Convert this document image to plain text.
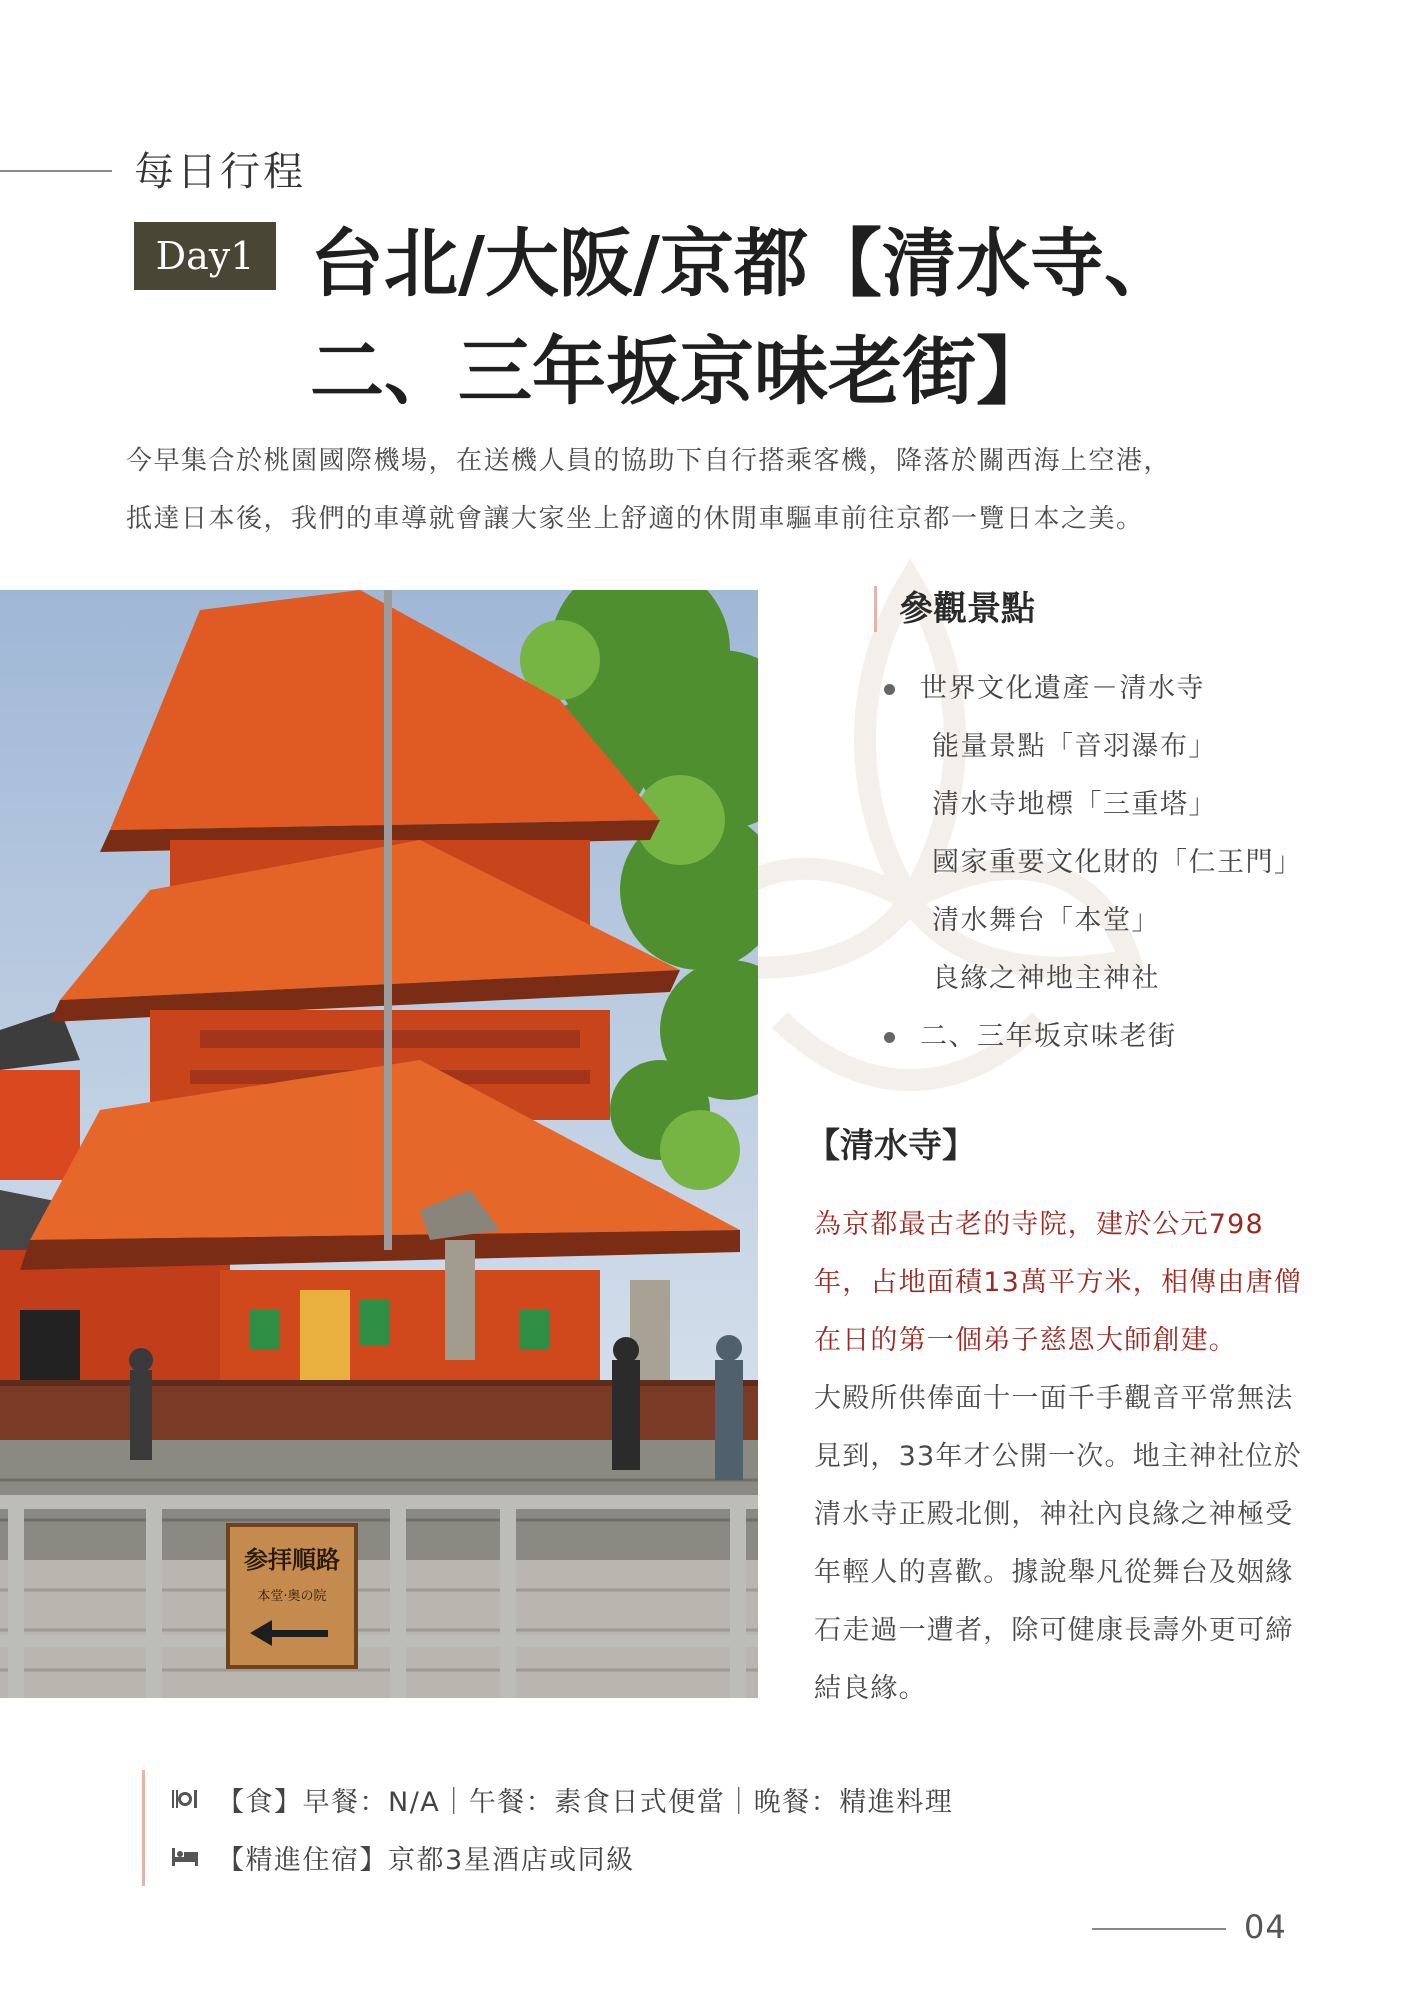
每日行程
Day1 台北/大阪/京都【清水寺、
二、三年坂京味老街】

今早集合於桃園國際機場，在送機人員的協助下自行搭乘客機，降落於關西海上空港，

抵達日本後，我們的車導就會讓大家坐上舒適的休閒車驅車前往京都一覽日本之美。

参拝順路
本堂·奥の院
參觀景點
世界文化遺產－清水寺
能量景點「音羽瀑布」
清水寺地標「三重塔」
國家重要文化財的「仁王門」
清水舞台「本堂」
良緣之神地主神社
二、三年坂京味老街
【清水寺】
為京都最古老的寺院，建於公元798
年，占地面積13萬平方米，相傳由唐僧
在日的第一個弟子慈恩大師創建。
大殿所供俸面十一面千手觀音平常無法
見到，33年才公開一次。地主神社位於
清水寺正殿北側，神社內良緣之神極受
年輕人的喜歡。據說舉凡從舞台及姻緣
石走過一遭者，除可健康長壽外更可締
結良緣。
【食】早餐：N/A｜午餐：素食日式便當｜晚餐：精進料理
【精進住宿】京都3星酒店或同級
04
